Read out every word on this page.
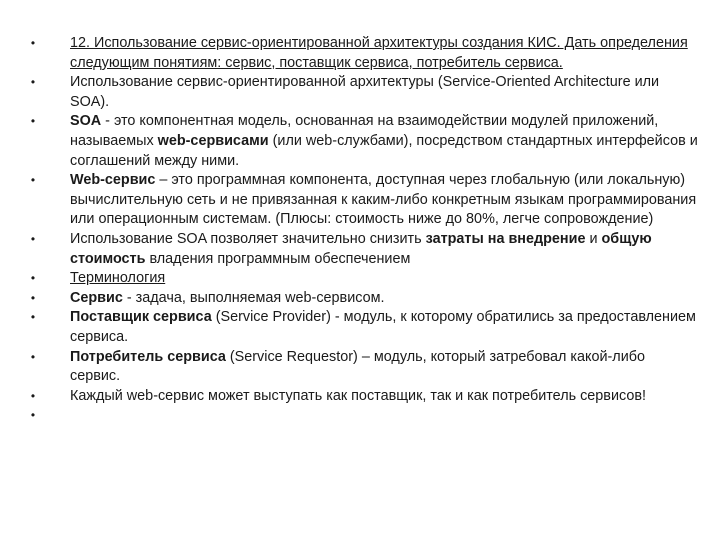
• 12. Использование сервис-ориентированной архитектуры создания КИС. Дать определения следующим понятиям: сервис, поставщик сервиса, потребитель сервиса.
• Использование сервис-ориентированной архитектуры (Service-Oriented Architecture или SOA).
• SOA - это компонентная модель, основанная на взаимодействии модулей приложений, называемых web-сервисами (или web-службами), посредством стандартных интерфейсов и соглашений между ними.
• Web-сервис – это программная компонента, доступная через глобальную (или локальную) вычислительную сеть и не привязанная к каким-либо конкретным языкам программирования или операционным системам. (Плюсы: стоимость ниже до 80%, легче сопровождение)
• Использование SOA позволяет значительно снизить затраты на внедрение и общую стоимость владения программным обеспечением
• Терминология
• Сервис - задача, выполняемая web-сервисом.
• Поставщик сервиса (Service Provider) - модуль, к которому обратились за предоставлением сервиса.
• Потребитель сервиса (Service Requestor) – модуль, который затребовал какой-либо сервис.
• Каждый web-сервис может выступать как поставщик, так и как потребитель сервисов!
•
